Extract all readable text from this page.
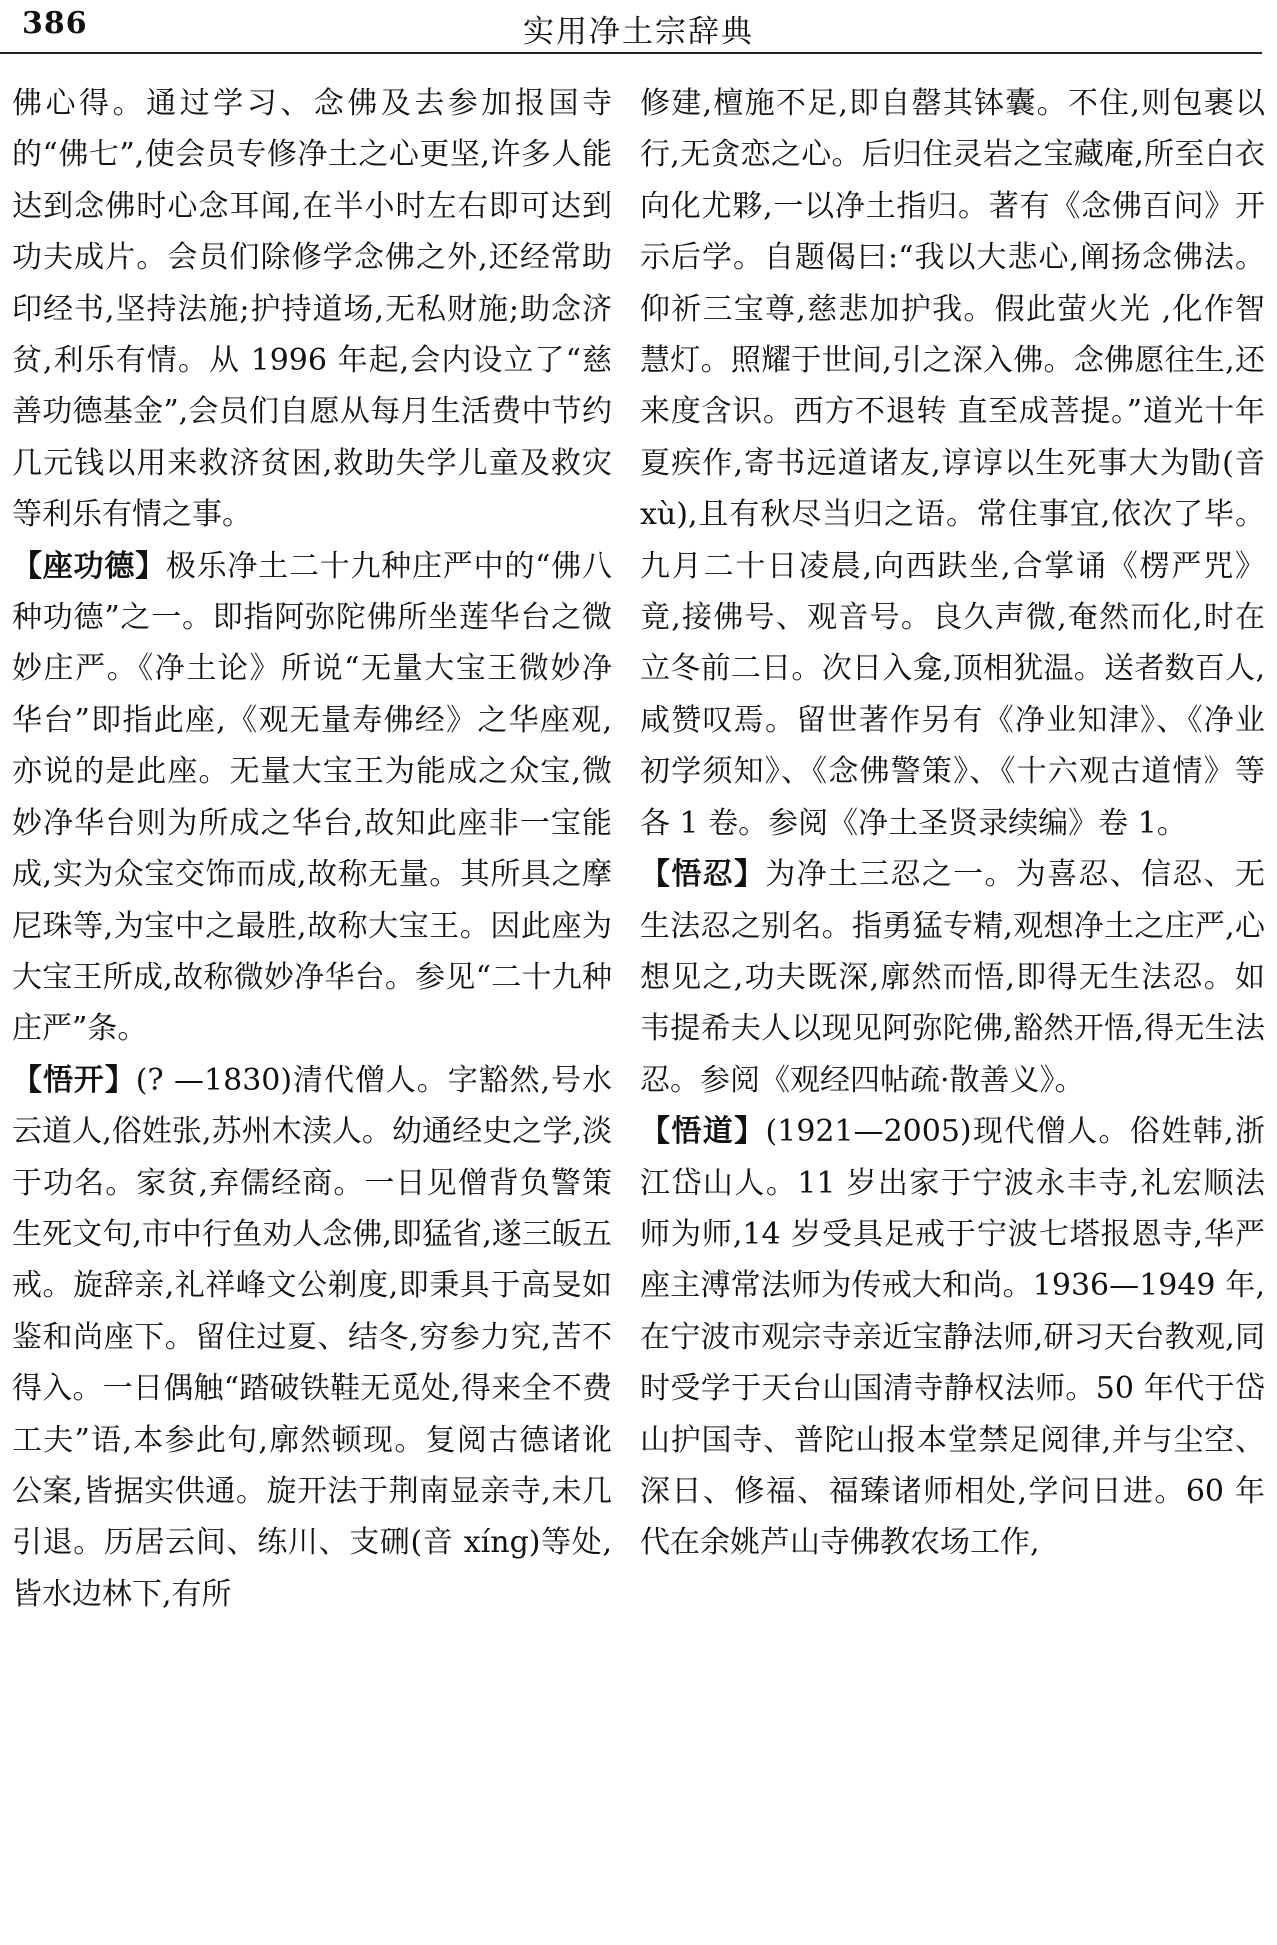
386	实用净土宗辞典

佛心得。通过学习、念佛及去参加报国寺的“佛七”,使会员专修净土之心更坚,许多人能达到念佛时心念耳闻,在半小时左右即可达到功夫成片。会员们除修学念佛之外,还经常助印经书,坚持法施;护持道场,无私财施;助念济贫,利乐有情。从 1996 年起,会内设立了“慈善功德基金”,会员们自愿从每月生活费中节约几元钱以用来救济贫困,救助失学儿童及救灾等利乐有情之事。

【座功德】极乐净土二十九种庄严中的“佛八种功德”之一。即指阿弥陀佛所坐莲华台之微妙庄严。《净土论》所说“无量大宝王微妙净华台”即指此座,《观无量寿佛经》之华座观,亦说的是此座。无量大宝王为能成之众宝,微妙净华台则为所成之华台,故知此座非一宝能成,实为众宝交饰而成,故称无量。其所具之摩尼珠等,为宝中之最胜,故称大宝王。因此座为大宝王所成,故称微妙净华台。参见“二十九种庄严”条。

【悟开】(? —1830)清代僧人。字豁然,号水云道人,俗姓张,苏州木渎人。幼通经史之学,淡于功名。家贫,弃儒经商。一日见僧背负警策生死文句,市中行鱼劝人念佛,即猛省,遂三皈五戒。旋辞亲,礼祥峰文公剃度,即秉具于高旻如鉴和尚座下。留住过夏、结冬,穷参力究,苦不得入。一日偶触“踏破铁鞋无觅处,得来全不费工夫”语,本参此句,廓然顿现。复阅古德诸讹公案,皆据实供通。旋开法于荆南显亲寺,未几引退。历居云间、练川、支硎(音 xíng)等处,皆水边林下,有所

修建,檀施不足,即自罄其钵囊。不住,则包裹以行,无贪恋之心。后归住灵岩之宝藏庵,所至白衣向化尤夥,一以净土指归。著有《念佛百问》开示后学。自题偈曰:“我以大悲心,阐扬念佛法。仰祈三宝尊,慈悲加护我。假此萤火光 ,化作智慧灯。照耀于世间,引之深入佛。念佛愿往生,还来度含识。西方不退转 直至成菩提。”道光十年夏疾作,寄书远道诸友,谆谆以生死事大为勖(音 xù),且有秋尽当归之语。常住事宜,依次了毕。九月二十日凌晨,向西趺坐,合掌诵《楞严咒》竟,接佛号、观音号。良久声微,奄然而化,时在立冬前二日。次日入龛,顶相犹温。送者数百人,咸赞叹焉。留世著作另有《净业知津》、《净业初学须知》、《念佛警策》、《十六观古道情》等各 1 卷。参阅《净土圣贤录续编》卷 1。

【悟忍】为净土三忍之一。为喜忍、信忍、无生法忍之别名。指勇猛专精,观想净土之庄严,心想见之,功夫既深,廓然而悟,即得无生法忍。如韦提希夫人以现见阿弥陀佛,豁然开悟,得无生法忍。参阅《观经四帖疏·散善义》。

【悟道】(1921—2005)现代僧人。俗姓韩,浙江岱山人。11 岁出家于宁波永丰寺,礼宏顺法师为师,14 岁受具足戒于宁波七塔报恩寺,华严座主溥常法师为传戒大和尚。1936—1949 年,在宁波市观宗寺亲近宝静法师,研习天台教观,同时受学于天台山国清寺静权法师。50 年代于岱山护国寺、普陀山报本堂禁足阅律,并与尘空、深日、修福、福臻诸师相处,学问日进。60 年代在余姚芦山寺佛教农场工作,
